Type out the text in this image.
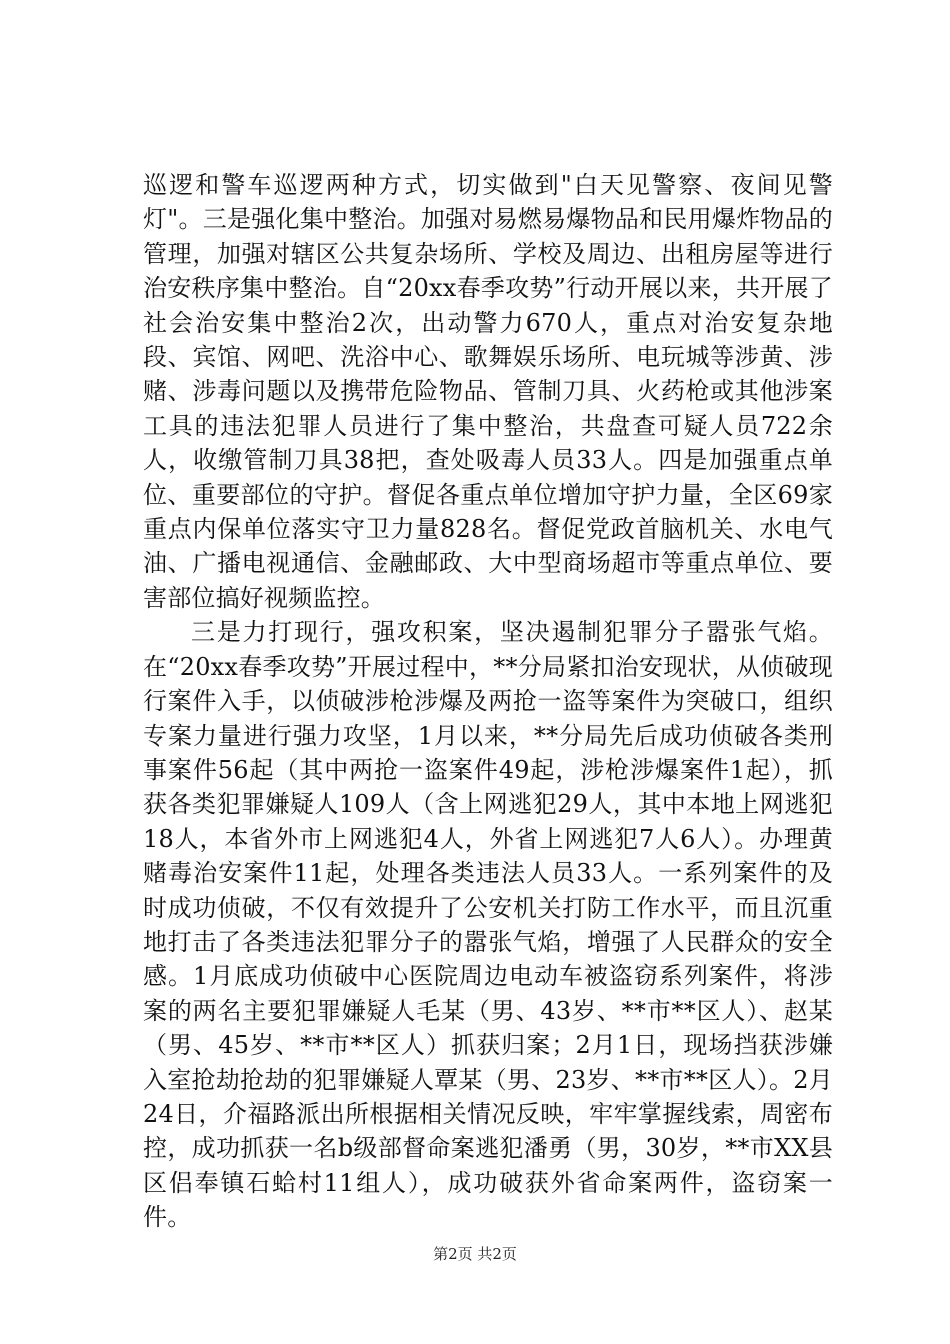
巡逻和警车巡逻两种方式，切实做到"白天见警察、夜间见警灯"。三是强化集中整治。加强对易燃易爆物品和民用爆炸物品的管理，加强对辖区公共复杂场所、学校及周边、出租房屋等进行治安秩序集中整治。自“20xx春季攻势”行动开展以来，共开展了社会治安集中整治2次，出动警力670人，重点对治安复杂地段、宾馆、网吧、洗浴中心、歌舞娱乐场所、电玩城等涉黄、涉赌、涉毒问题以及携带危险物品、管制刀具、火药枪或其他涉案工具的违法犯罪人员进行了集中整治，共盘查可疑人员722余人，收缴管制刀具38把，查处吸毒人员33人。四是加强重点单位、重要部位的守护。督促各重点单位增加守护力量，全区69家重点内保单位落实守卫力量828名。督促党政首脑机关、水电气油、广播电视通信、金融邮政、大中型商场超市等重点单位、要害部位搞好视频监控。

三是力打现行，强攻积案，坚决遏制犯罪分子嚣张气焰。在“20xx春季攻势”开展过程中，**分局紧扣治安现状，从侦破现行案件入手，以侦破涉枪涉爆及两抢一盗等案件为突破口，组织专案力量进行强力攻坚，1月以来，**分局先后成功侦破各类刑事案件56起（其中两抢一盗案件49起，涉枪涉爆案件1起），抓获各类犯罪嫌疑人109人（含上网逃犯29人，其中本地上网逃犯18人，本省外市上网逃犯4人，外省上网逃犯7人6人）。办理黄赌毒治安案件11起，处理各类违法人员33人。一系列案件的及时成功侦破，不仅有效提升了公安机关打防工作水平，而且沉重地打击了各类违法犯罪分子的嚣张气焰，增强了人民群众的安全感。1月底成功侦破中心医院周边电动车被盗窃系列案件，将涉案的两名主要犯罪嫌疑人毛某（男、43岁、**市**区人）、赵某（男、45岁、**市**区人）抓获归案；2月1日，现场挡获涉嫌入室抢劫抢劫的犯罪嫌疑人覃某（男、23岁、**市**区人）。2月24日，介福路派出所根据相关情况反映，牢牢掌握线索，周密布控，成功抓获一名b级部督命案逃犯潘勇（男，30岁，**市XX县区侣奉镇石蛤村11组人），成功破获外省命案两件，盗窃案一件。

第2页 共2页
